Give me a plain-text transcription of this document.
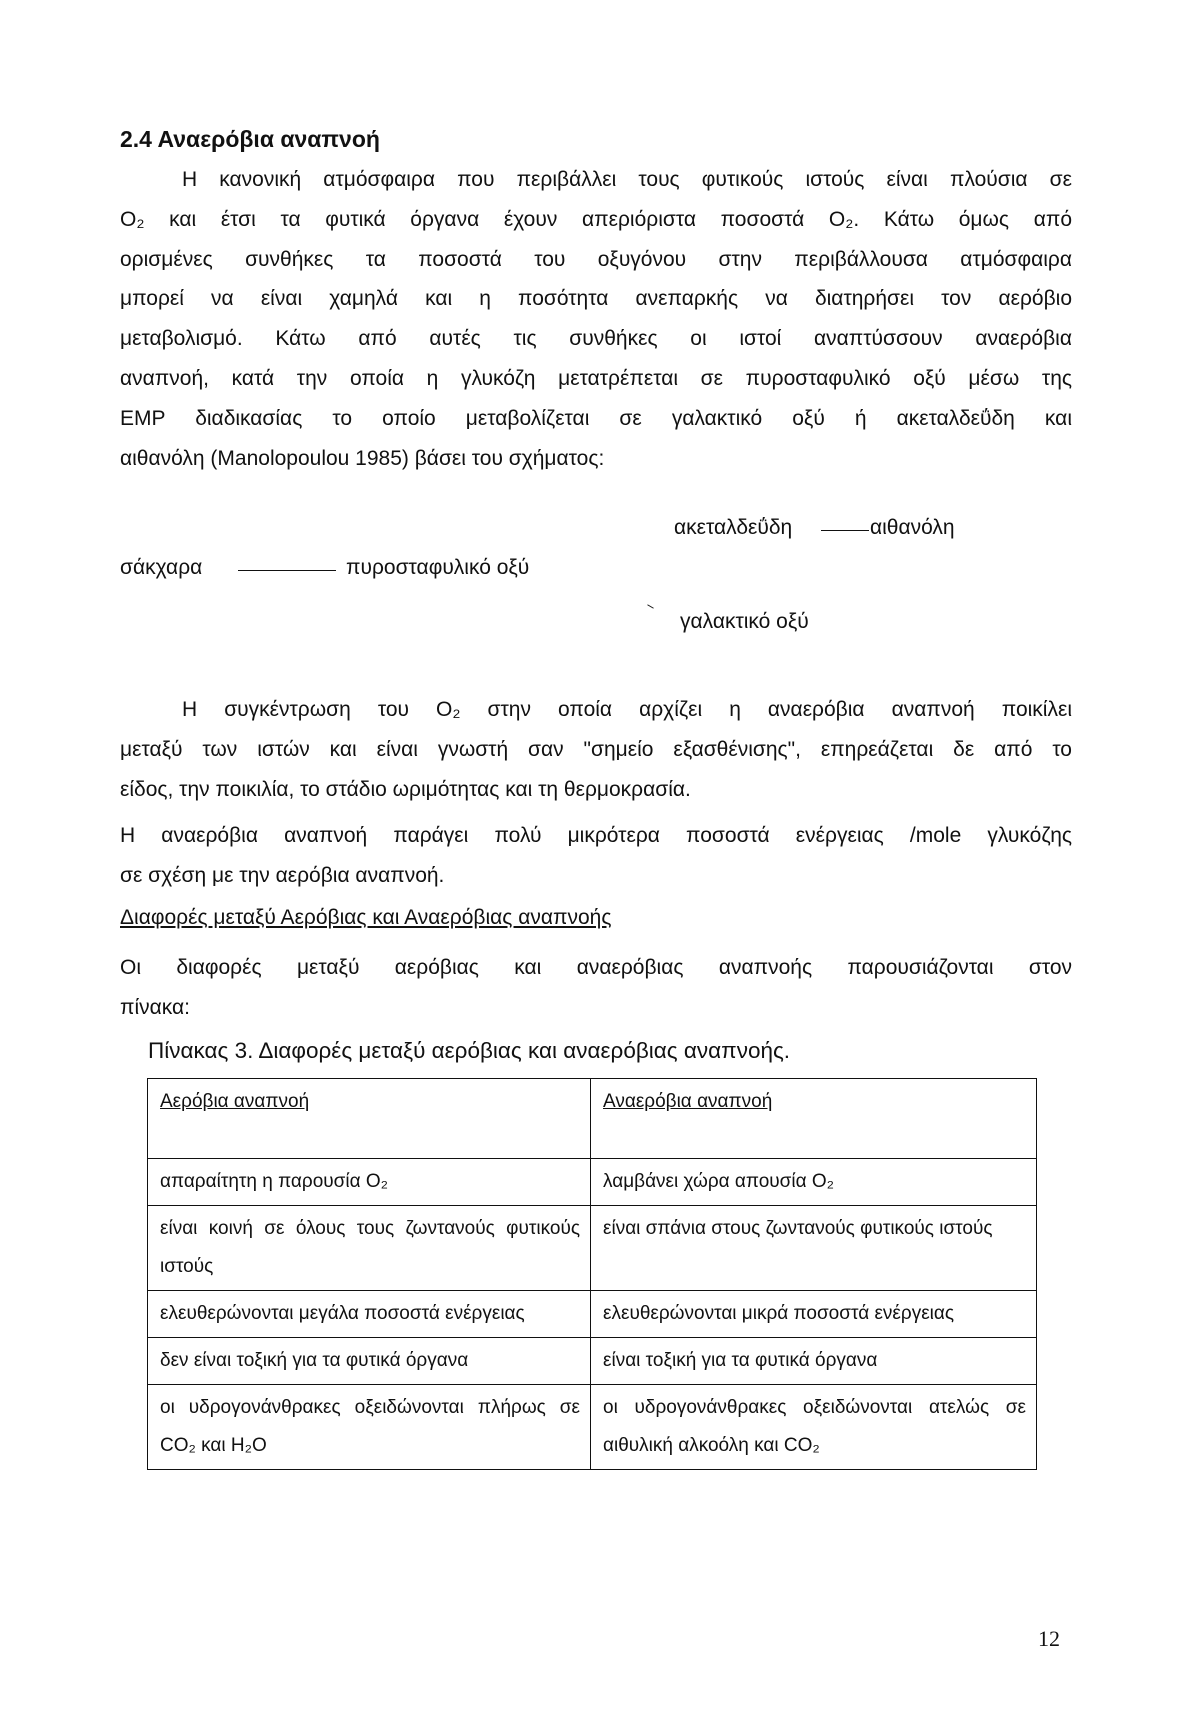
2.4 Αναερόβια αναπνοή
Η κανονική ατμόσφαιρα που περιβάλλει τους φυτικούς ιστούς είναι πλούσια σε
O₂ και έτσι τα φυτικά όργανα έχουν απεριόριστα ποσοστά O₂. Κάτω όμως από
ορισμένες συνθήκες τα ποσοστά του οξυγόνου στην περιβάλλουσα ατμόσφαιρα
μπορεί να είναι χαμηλά και η ποσότητα ανεπαρκής να διατηρήσει τον αερόβιο
μεταβολισμό. Κάτω από αυτές τις συνθήκες οι ιστοί αναπτύσσουν αναερόβια
αναπνοή, κατά την οποία η γλυκόζη μετατρέπεται σε πυροσταφυλικό οξύ μέσω της
EMP διαδικασίας το οποίο μεταβολίζεται σε γαλακτικό οξύ ή ακεταλδεΰδη και
αιθανόλη (Manolopoulou 1985) βάσει του σχήματος:
ακεταλδεΰδη	αιθανόλη
σάκχαρα	πυροσταφυλικό οξύ
γαλακτικό οξύ
Η συγκέντρωση του O₂ στην οποία αρχίζει η αναερόβια αναπνοή ποικίλει
μεταξύ των ιστών και είναι γνωστή σαν "σημείο εξασθένισης", επηρεάζεται δε από το
είδος, την ποικιλία, το στάδιο ωριμότητας και τη θερμοκρασία.
Η αναερόβια αναπνοή παράγει πολύ μικρότερα ποσοστά ενέργειας /mole γλυκόζης
σε σχέση με την αερόβια αναπνοή.
Διαφορές μεταξύ Αερόβιας και Αναερόβιας αναπνοής
Οι διαφορές μεταξύ αερόβιας και αναερόβιας αναπνοής παρουσιάζονται στον
πίνακα:
Πίνακας 3. Διαφορές μεταξύ αερόβιας και αναερόβιας αναπνοής.
Αερόβια αναπνοή	Αναερόβια αναπνοή
απαραίτητη η παρουσία O₂	λαμβάνει χώρα απουσία O₂
είναι κοινή σε όλους τους ζωντανούς φυτικούς ιστούς	είναι σπάνια στους ζωντανούς φυτικούς ιστούς
ελευθερώνονται μεγάλα ποσοστά ενέργειας	ελευθερώνονται μικρά ποσοστά ενέργειας
δεν είναι τοξική για τα φυτικά όργανα	είναι τοξική για τα φυτικά όργανα
οι υδρογονάνθρακες οξειδώνονται πλήρως σε CO₂ και H₂O	οι υδρογονάνθρακες οξειδώνονται ατελώς σε αιθυλική αλκοόλη και CO₂
12
